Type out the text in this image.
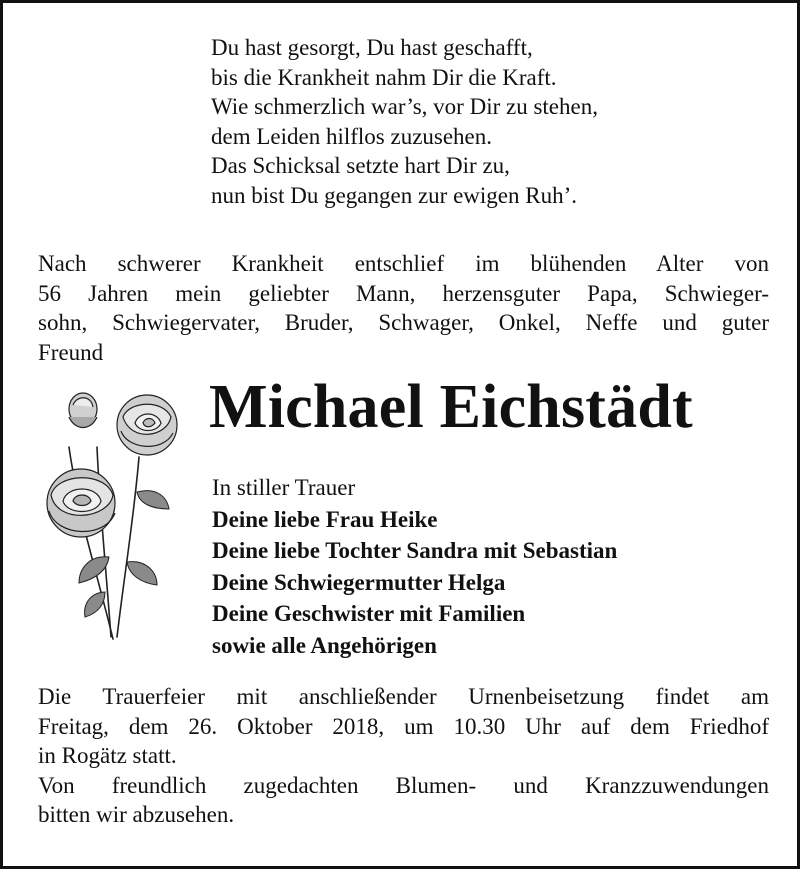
Du hast gesorgt, Du hast geschafft,
bis die Krankheit nahm Dir die Kraft.
Wie schmerzlich war’s, vor Dir zu stehen,
dem Leiden hilflos zuzusehen.
Das Schicksal setzte hart Dir zu,
nun bist Du gegangen zur ewigen Ruh’.
Nach schwerer Krankheit entschlief im blühenden Alter von
56 Jahren mein geliebter Mann, herzensguter Papa, Schwieger-
sohn, Schwiegervater, Bruder, Schwager, Onkel, Neffe und guter
Freund
Michael Eichstädt
In stiller Trauer
Deine liebe Frau Heike
Deine liebe Tochter Sandra mit Sebastian
Deine Schwiegermutter Helga
Deine Geschwister mit Familien
sowie alle Angehörigen
Die Trauerfeier mit anschließender Urnenbeisetzung findet am
Freitag, dem 26. Oktober 2018, um 10.30 Uhr auf dem Friedhof
in Rogätz statt.
Von freundlich zugedachten Blumen- und Kranzzuwendungen
bitten wir abzusehen.
